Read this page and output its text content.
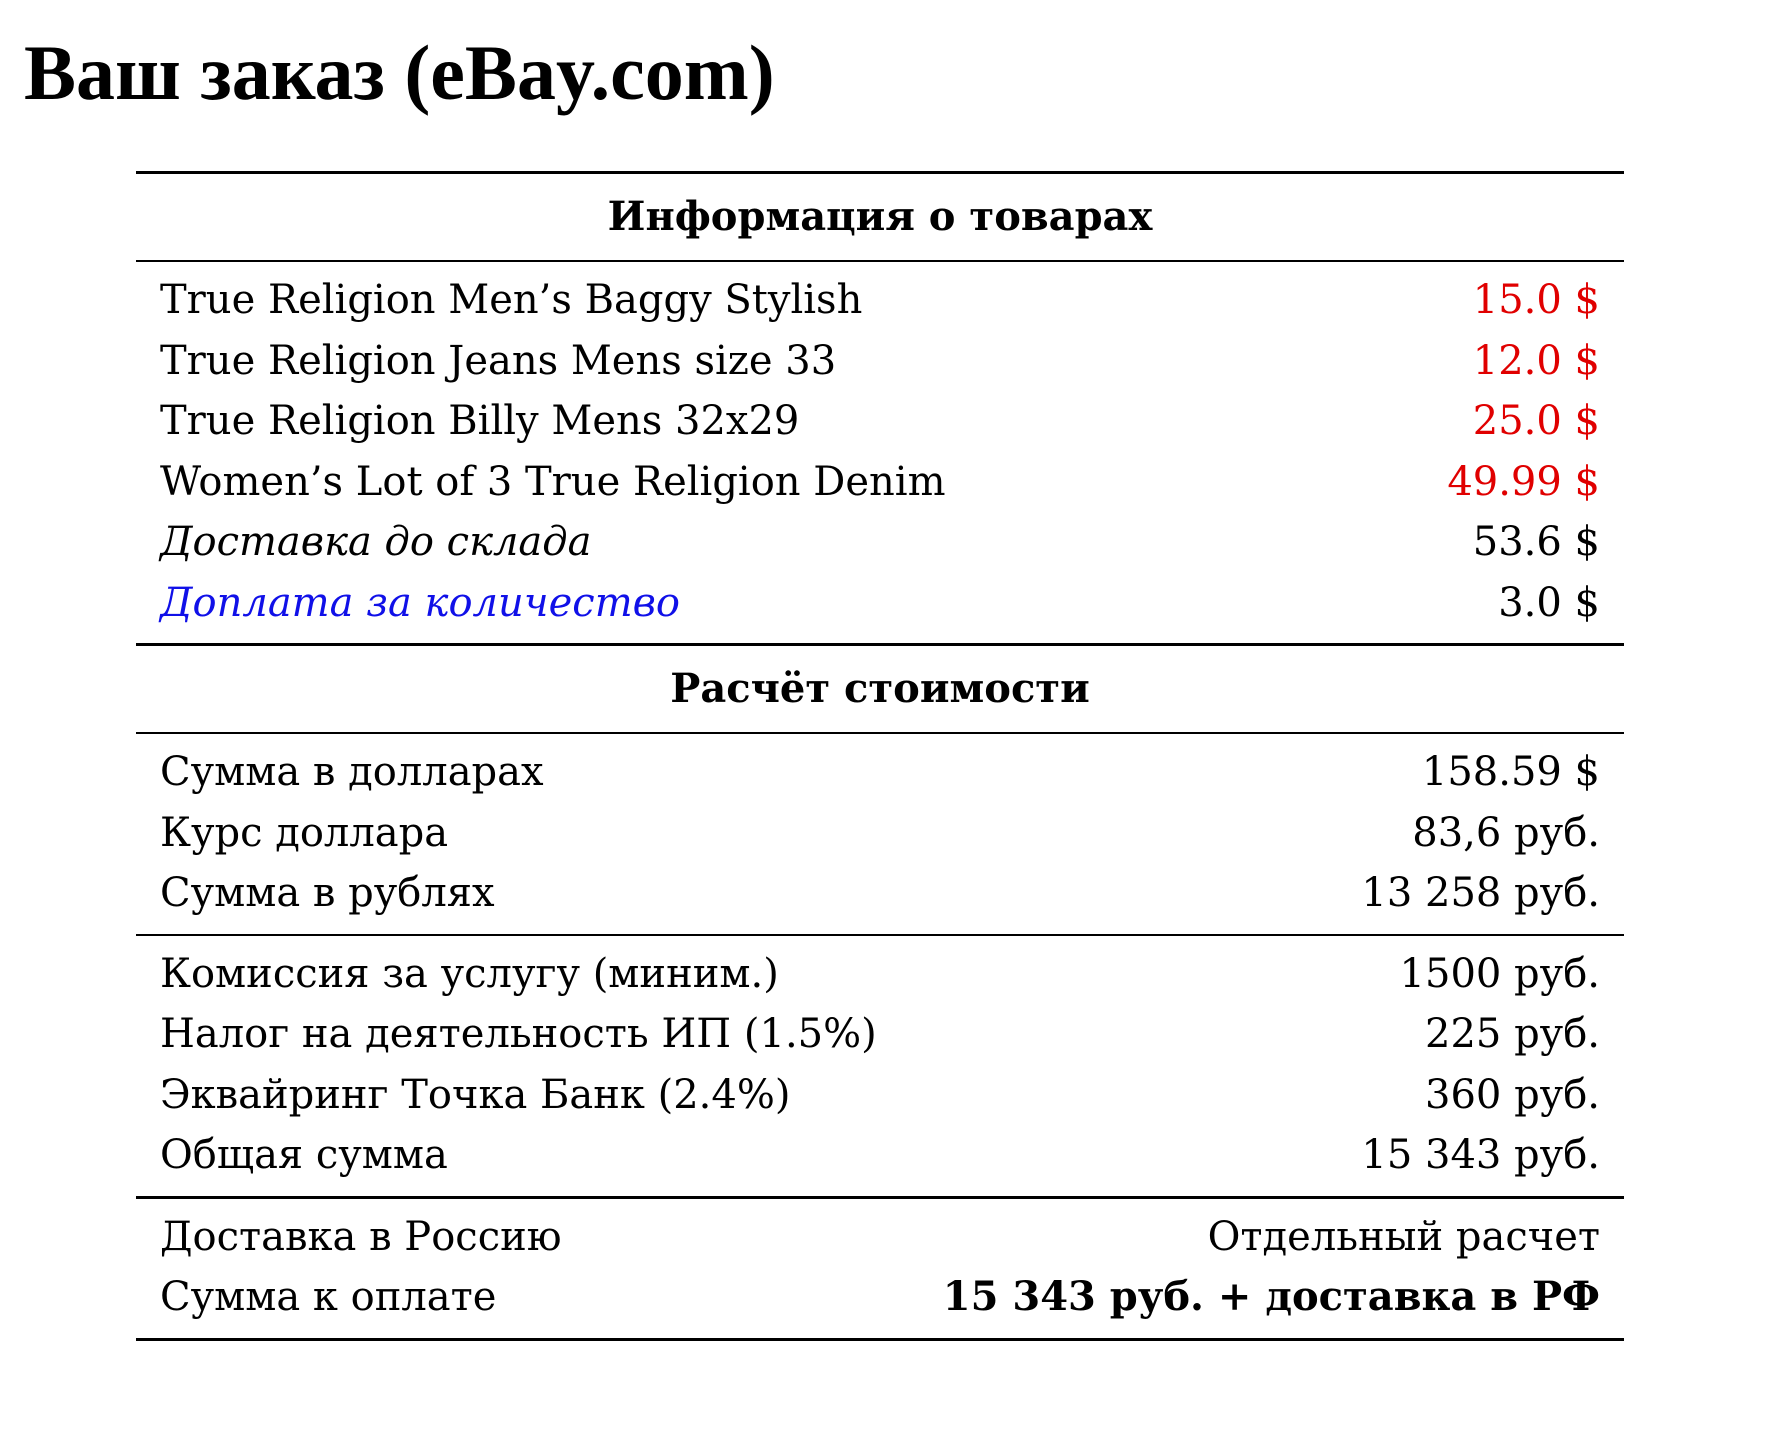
Ваш заказ (eBay.com)
Информация о товарах
True Religion Men’s Baggy Stylish	15.0 $
True Religion Jeans Mens size 33	12.0 $
True Religion Billy Mens 32x29	25.0 $
Women’s Lot of 3 True Religion Denim	49.99 $
Доставка до склада	53.6 $
Доплата за количество	3.0 $
Расчёт стоимости
Сумма в долларах	158.59 $
Курс доллара	83,6 руб.
Сумма в рублях	13 258 руб.
Комиссия за услугу (миним.)	1500 руб.
Налог на деятельность ИП (1.5%)	225 руб.
Эквайринг Точка Банк (2.4%)	360 руб.
Общая сумма	15 343 руб.
Доставка в Россию	Отдельный расчет
Сумма к оплате	15 343 руб. + доставка в РФ
